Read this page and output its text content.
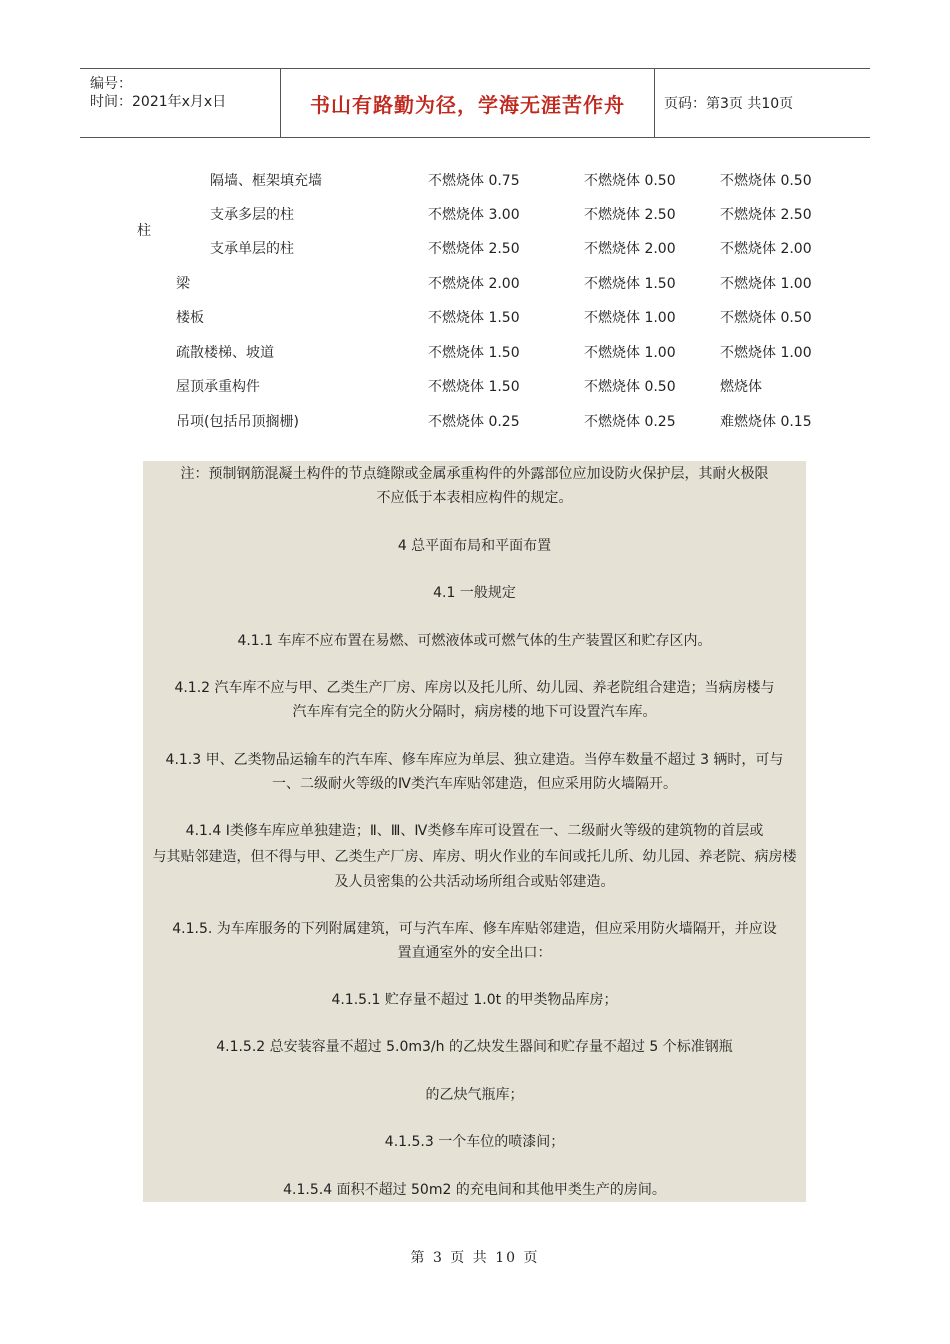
编号：
时间：2021年x月x日	书山有路勤为径，学海无涯苦作舟	页码：第3页 共10页
柱
隔墙、框架填充墙	不燃烧体 0.75	不燃烧体 0.50	不燃烧体 0.50
支承多层的柱	不燃烧体 3.00	不燃烧体 2.50	不燃烧体 2.50
支承单层的柱	不燃烧体 2.50	不燃烧体 2.00	不燃烧体 2.00
梁	不燃烧体 2.00	不燃烧体 1.50	不燃烧体 1.00
楼板	不燃烧体 1.50	不燃烧体 1.00	不燃烧体 0.50
疏散楼梯、坡道	不燃烧体 1.50	不燃烧体 1.00	不燃烧体 1.00
屋顶承重构件	不燃烧体 1.50	不燃烧体 0.50	燃烧体
吊项(包括吊顶搁栅)	不燃烧体 0.25	不燃烧体 0.25	难燃烧体 0.15
注：预制钢筋混凝土构件的节点缝隙或金属承重构件的外露部位应加设防火保护层，其耐火极限
不应低于本表相应构件的规定。
4 总平面布局和平面布置
4.1 一般规定
4.1.1 车库不应布置在易燃、可燃液体或可燃气体的生产装置区和贮存区内。
4.1.2 汽车库不应与甲、乙类生产厂房、库房以及托儿所、幼儿园、养老院组合建造；当病房楼与
汽车库有完全的防火分隔时，病房楼的地下可设置汽车库。
4.1.3 甲、乙类物品运输车的汽车库、修车库应为单层、独立建造。当停车数量不超过 3 辆时，可与
一、二级耐火等级的Ⅳ类汽车库贴邻建造，但应采用防火墙隔开。
4.1.4 Ⅰ类修车库应单独建造；Ⅱ、Ⅲ、Ⅳ类修车库可设置在一、二级耐火等级的建筑物的首层或
与其贴邻建造，但不得与甲、乙类生产厂房、库房、明火作业的车间或托儿所、幼儿园、养老院、病房楼
及人员密集的公共活动场所组合或贴邻建造。
4.1.5. 为车库服务的下列附属建筑，可与汽车库、修车库贴邻建造，但应采用防火墙隔开，并应设
置直通室外的安全出口：
4.1.5.1 贮存量不超过 1.0t 的甲类物品库房；
4.1.5.2 总安装容量不超过 5.0m3/h 的乙炔发生器间和贮存量不超过 5 个标准钢瓶
的乙炔气瓶库；
4.1.5.3 一个车位的喷漆间；
4.1.5.4 面积不超过 50m2 的充电间和其他甲类生产的房间。
第 3 页 共 10 页
